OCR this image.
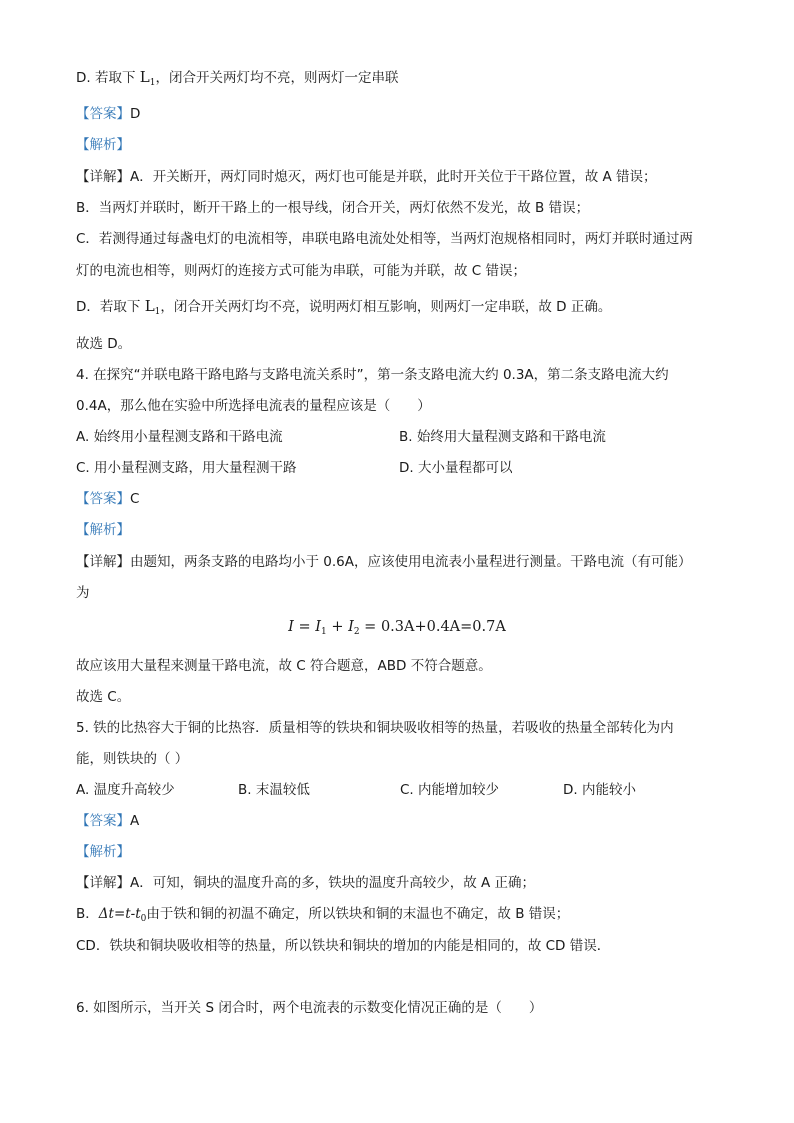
D. 若取下 $L_1$，闭合开关两灯均不亮，则两灯一定串联
【答案】D
【解析】
【详解】A．开关断开，两灯同时熄灭，两灯也可能是并联，此时开关位于干路位置，故 A 错误；
B．当两灯并联时，断开干路上的一根导线，闭合开关，两灯依然不发光，故 B 错误；
C．若测得通过每盏电灯的电流相等，串联电路电流处处相等，当两灯泡规格相同时，两灯并联时通过两
灯的电流也相等，则两灯的连接方式可能为串联，可能为并联，故 C 错误；
D．若取下 $L_1$，闭合开关两灯均不亮，说明两灯相互影响，则两灯一定串联，故 D 正确。
故选 D。
4. 在探究“并联电路干路电路与支路电流关系时”，第一条支路电流大约 0.3A，第二条支路电流大约
0.4A，那么他在实验中所选择电流表的量程应该是（　　）
A. 始终用小量程测支路和干路电流	B. 始终用大量程测支路和干路电流
C. 用小量程测支路，用大量程测干路	D. 大小量程都可以
【答案】C
【解析】
【详解】由题知，两条支路的电路均小于 0.6A，应该使用电流表小量程进行测量。干路电流（有可能）
为
$I = I_1 + I_2 = 0.3A+0.4A=0.7A$
故应该用大量程来测量干路电流，故 C 符合题意，ABD 不符合题意。
故选 C。
5. 铁的比热容大于铜的比热容．质量相等的铁块和铜块吸收相等的热量，若吸收的热量全部转化为内
能，则铁块的（ ）
A. 温度升高较少	B. 末温较低	C. 内能增加较少	D. 内能较小
【答案】A
【解析】
【详解】A．可知，铜块的温度升高的多，铁块的温度升高较少，故 A 正确；
B．$\Delta t=t-t_0$由于铁和铜的初温不确定，所以铁块和铜的末温也不确定，故 B 错误；
CD．铁块和铜块吸收相等的热量，所以铁块和铜块的增加的内能是相同的，故 CD 错误．
6. 如图所示，当开关 S 闭合时，两个电流表的示数变化情况正确的是（　　）
